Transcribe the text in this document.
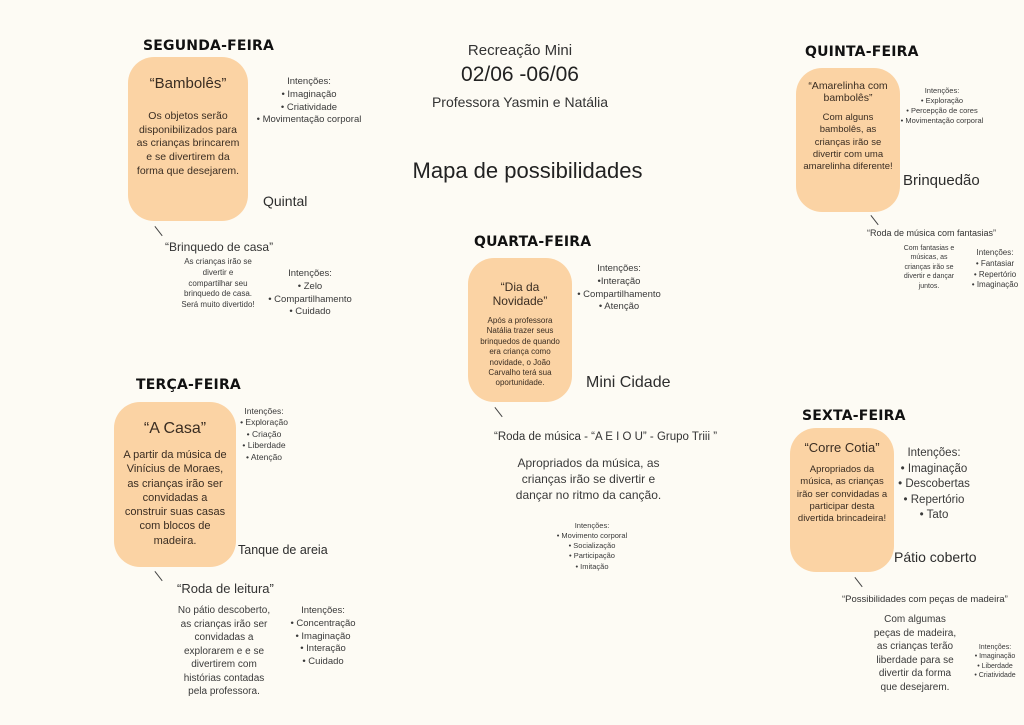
Recreação Mini
02/06 -06/06
Professora Yasmin e Natália
Mapa de possibilidades
SEGUNDA-FEIRA
“Bambolês”
Os objetos serão disponibilizados para as crianças brincarem e se divertirem da forma que desejarem.
Intenções:
• Imaginação
• Criatividade
• Movimentação corporal
Quintal
“Brinquedo de casa”
As crianças irão se divertir e compartilhar seu brinquedo de casa. Será muito divertido!
Intenções:
• Zelo
• Compartilhamento
• Cuidado
TERÇA-FEIRA
“A Casa”
A partir da música de Vinícius de Moraes, as crianças irão ser convidadas a construir suas casas com blocos de madeira.
Intenções:
• Exploração
• Criação
• Liberdade
• Atenção
Tanque de areia
“Roda de leitura”
No pátio descoberto, as crianças irão ser convidadas a explorarem e e se divertirem com histórias contadas pela professora.
Intenções:
• Concentração
• Imaginação
• Interação
• Cuidado
QUARTA-FEIRA
“Dia da Novidade”
Após a professora Natália trazer seus brinquedos de quando era criança como novidade, o João Carvalho terá sua oportunidade.
Intenções:
•Interação
• Compartilhamento
• Atenção
Mini Cidade
“Roda de música - “A E I O U” - Grupo Triii ”
Apropriados da música, as crianças irão se divertir e dançar no ritmo da canção.
Intenções:
• Movimento corporal
• Socialização
• Participação
• Imitação
QUINTA-FEIRA
“Amarelinha com bambolês”
Com alguns bambolês, as crianças irão se divertir com uma amarelinha diferente!
Intenções:
• Exploração
• Percepção de cores
• Movimentação corporal
Brinquedão
“Roda de música com fantasias”
Com fantasias e músicas, as crianças irão se divertir e dançar juntos.
Intenções:
• Fantasiar
• Repertório
• Imaginação
SEXTA-FEIRA
“Corre Cotia”
Apropriados da música, as crianças irão ser convidadas a participar desta divertida brincadeira!
Intenções:
• Imaginação
• Descobertas
• Repertório
• Tato
Pátio coberto
“Possibilidades com peças de madeira”
Com algumas peças de madeira, as crianças terão liberdade para se divertir da forma que desejarem.
Intenções:
• Imaginação
• Liberdade
• Criatividade
